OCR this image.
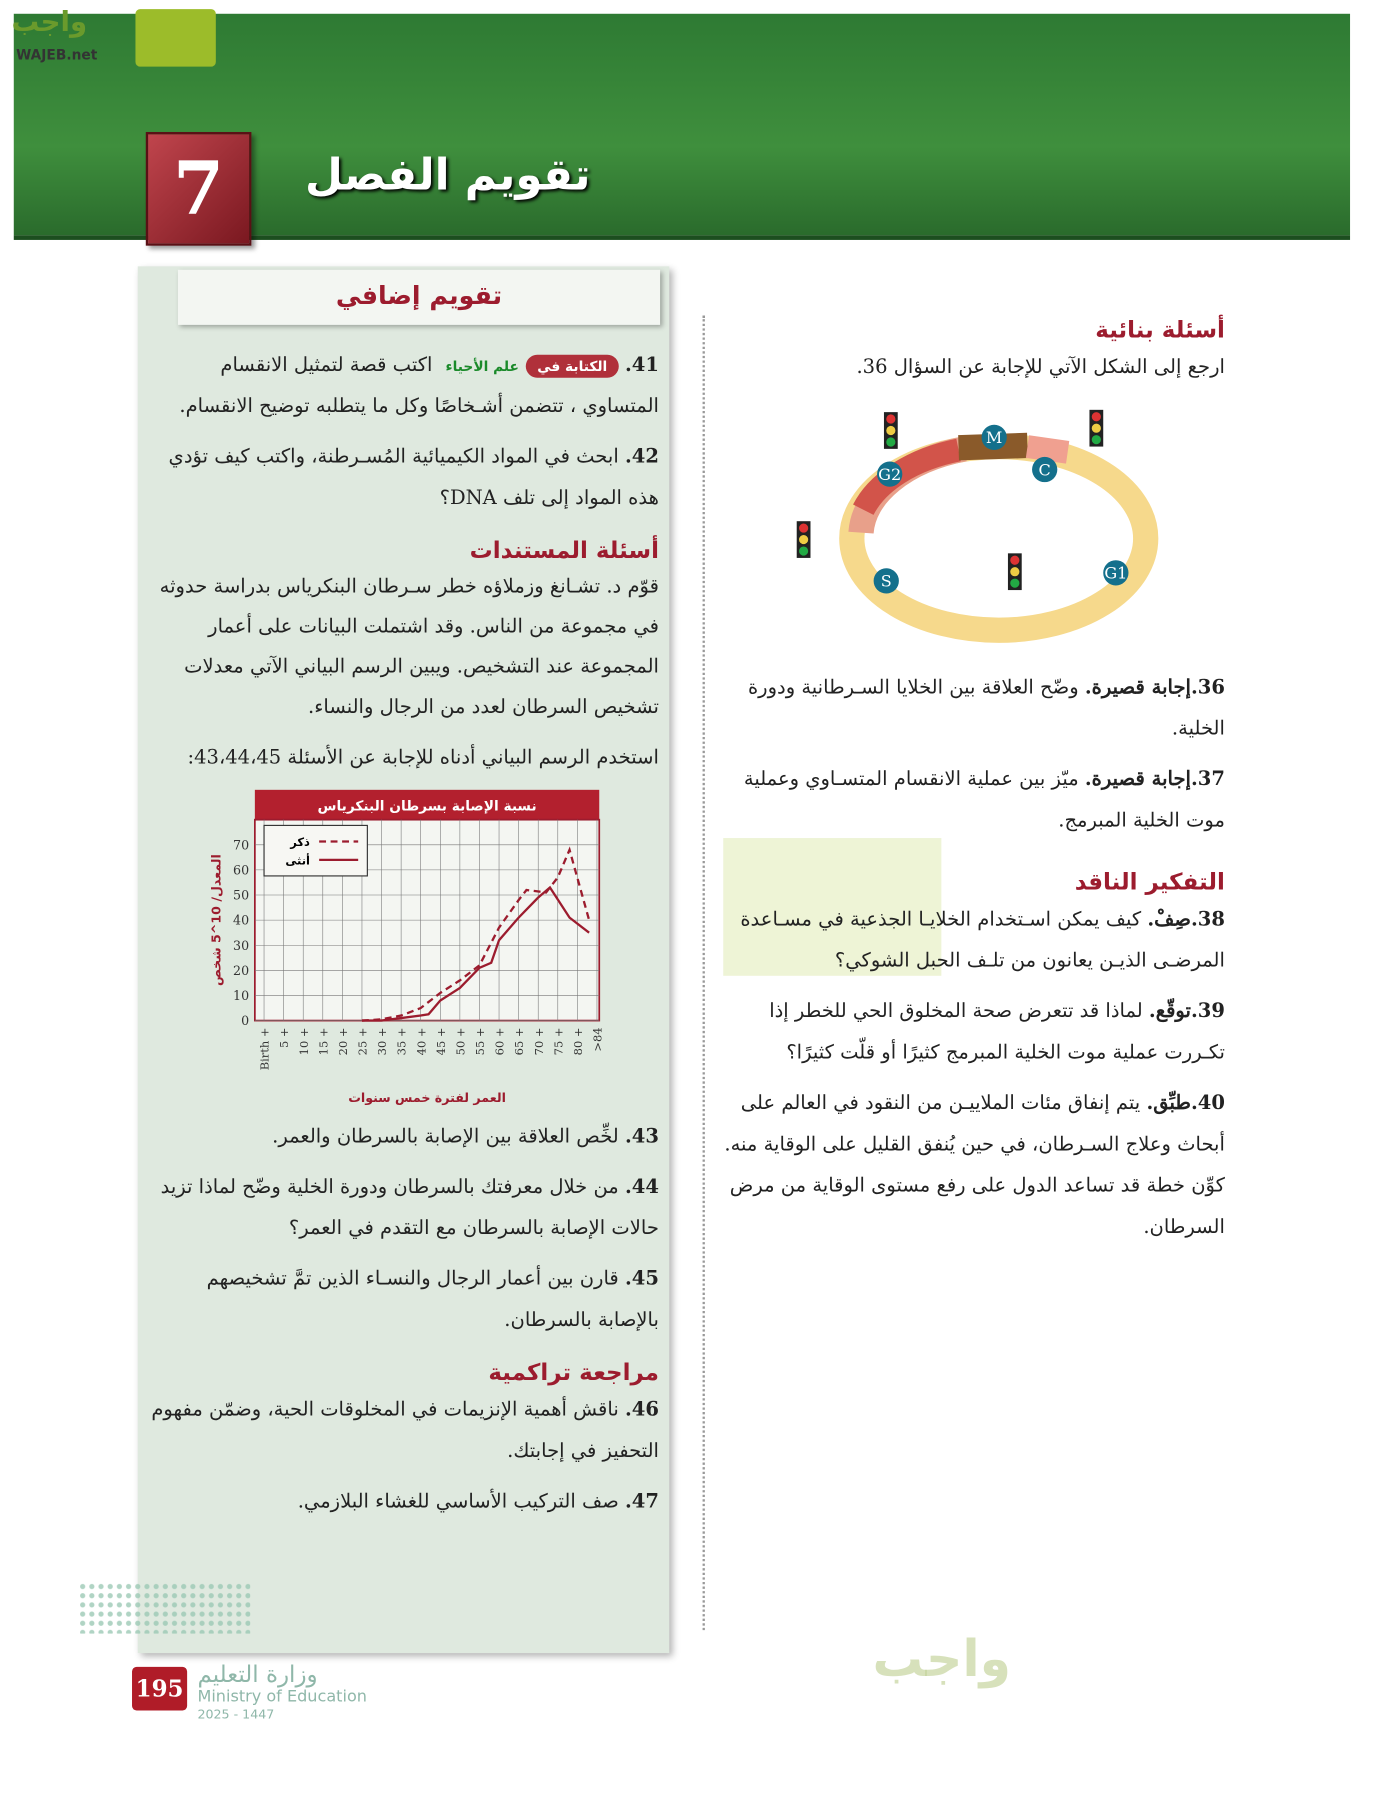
واجب
WAJEB.net
7	تقويم الفصل
تقويم إضافي
41. الكتابة فيعلم الأحياء اكتب قصة لتمثيل الانقسام المتساوي ، تتضمن أشـخاصًا وكل ما يتطلبه توضيح الانقسام.
42. ابحث في المواد الكيميائية المُسـرطنة، واكتب كيف تؤدي هذه المواد إلى تلف DNA؟
أسئلة المستندات
قوّم د. تشـانغ وزملاؤه خطر سـرطان البنكرياس بدراسة حدوثه في مجموعة من الناس. وقد اشتملت البيانات على أعمار المجموعة عند التشخيص. ويبين الرسم البياني الآتي معدلات تشخيص السرطان لعدد من الرجال والنساء.
استخدم الرسم البياني أدناه للإجابة عن الأسئلة 43،44،45:
نسبة الإصابة بسرطان البنكرياس
Birth + 5 + 10 + 15 + 20 + 25 + 30 + 35 + 40 + 45 + 50 + 55 + 60 + 65 + 70 + 75 + 80 + >84
0
10
20
30
40
50
60
70	ذكر
أنثى
العمر لفترة خمس سنوات
المعدل/ 10^5 شخص
43. لخِّص العلاقة بين الإصابة بالسرطان والعمر.
44. من خلال معرفتك بالسرطان ودورة الخلية وضّح لماذا تزيد حالات الإصابة بالسرطان مع التقدم في العمر؟
45. قارن بين أعمار الرجال والنسـاء الذين تمَّ تشخيصهم بالإصابة بالسرطان.
مراجعة تراكمية
46. ناقش أهمية الإنزيمات في المخلوقات الحية، وضمّن مفهوم التحفيز في إجابتك.
47. صف التركيب الأساسي للغشاء البلازمي.
أسئلة بنائية
ارجع إلى الشكل الآتي للإجابة عن السؤال 36.
M
C
G1
S
G2
36.إجابة قصيرة. وضّح العلاقة بين الخلايا السـرطانية ودورة الخلية.
37.إجابة قصيرة. ميّز بين عملية الانقسام المتسـاوي وعملية موت الخلية المبرمج.
التفكير الناقد
38.صِفْ. كيف يمكن اسـتخدام الخلايـا الجذعية في مسـاعدة المرضـى الذيـن يعانون من تلـف الحبل الشوكي؟
39.توقّع. لماذا قد تتعرض صحة المخلوق الحي للخطر إذا تكـررت عملية موت الخلية المبرمج كثيرًا أو قلّت كثيرًا؟
40.طبِّق. يتم إنفاق مئات الملاييـن من النقود في العالم على أبحاث وعلاج السـرطان، في حين يُنفق القليل على الوقاية منه. كوِّن خطة قد تساعد الدول على رفع مستوى الوقاية من مرض السرطان.
واجب
195
وزارة التعليم
Ministry of Education
2025 - 1447
